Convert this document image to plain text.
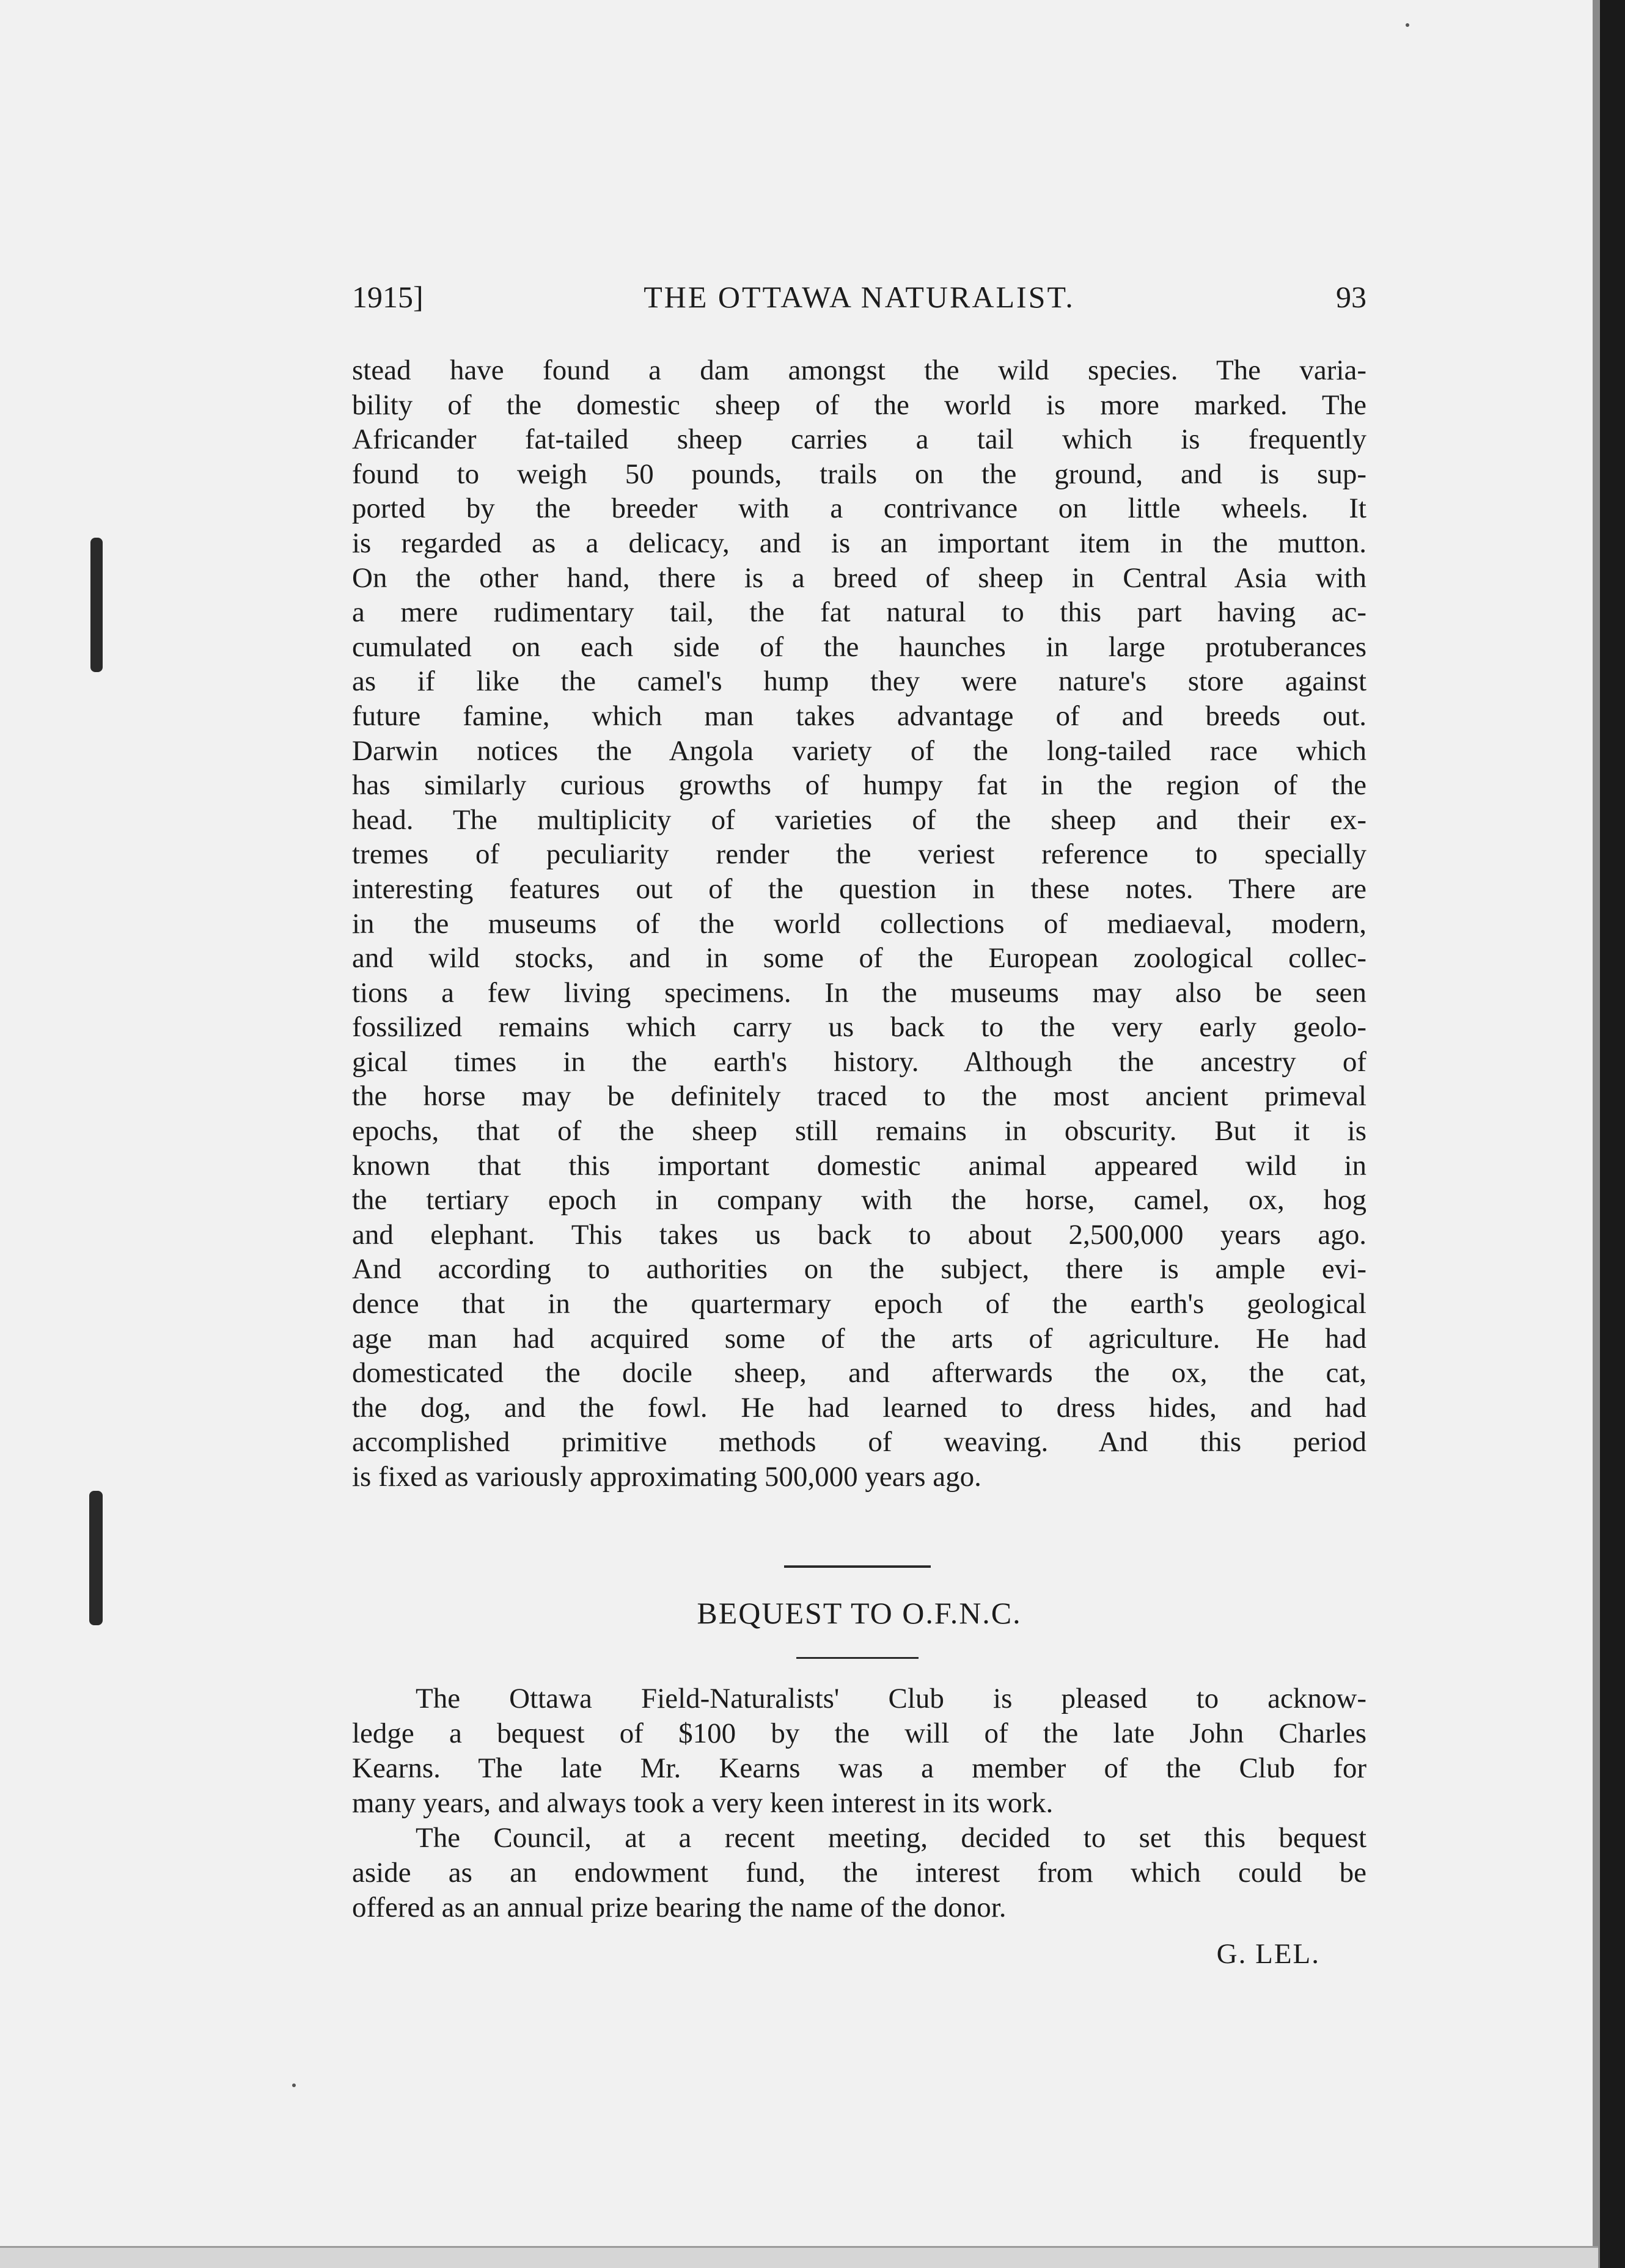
1915]	THE OTTAWA NATURALIST.	93

stead have found a dam amongst the wild species. The varia-
bility of the domestic sheep of the world is more marked. The
Africander fat-tailed sheep carries a tail which is frequently
found to weigh 50 pounds, trails on the ground, and is sup-
ported by the breeder with a contrivance on little wheels. It
is regarded as a delicacy, and is an important item in the mutton.
On the other hand, there is a breed of sheep in Central Asia with
a mere rudimentary tail, the fat natural to this part having ac-
cumulated on each side of the haunches in large protuberances
as if like the camel's hump they were nature's store against
future famine, which man takes advantage of and breeds out.
Darwin notices the Angola variety of the long-tailed race which
has similarly curious growths of humpy fat in the region of the
head. The multiplicity of varieties of the sheep and their ex-
tremes of peculiarity render the veriest reference to specially
interesting features out of the question in these notes. There are
in the museums of the world collections of mediaeval, modern,
and wild stocks, and in some of the European zoological collec-
tions a few living specimens. In the museums may also be seen
fossilized remains which carry us back to the very early geolo-
gical times in the earth's history. Although the ancestry of
the horse may be definitely traced to the most ancient primeval
epochs, that of the sheep still remains in obscurity. But it is
known that this important domestic animal appeared wild in
the tertiary epoch in company with the horse, camel, ox, hog
and elephant. This takes us back to about 2,500,000 years ago.
And according to authorities on the subject, there is ample evi-
dence that in the quartermary epoch of the earth's geological
age man had acquired some of the arts of agriculture. He had
domesticated the docile sheep, and afterwards the ox, the cat,
the dog, and the fowl. He had learned to dress hides, and had
accomplished primitive methods of weaving. And this period
is fixed as variously approximating 500,000 years ago.

BEQUEST TO O.F.N.C.

The Ottawa Field-Naturalists' Club is pleased to acknow-
ledge a bequest of $100 by the will of the late John Charles
Kearns. The late Mr. Kearns was a member of the Club for
many years, and always took a very keen interest in its work.
The Council, at a recent meeting, decided to set this bequest
aside as an endowment fund, the interest from which could be
offered as an annual prize bearing the name of the donor.

G. LEL.
